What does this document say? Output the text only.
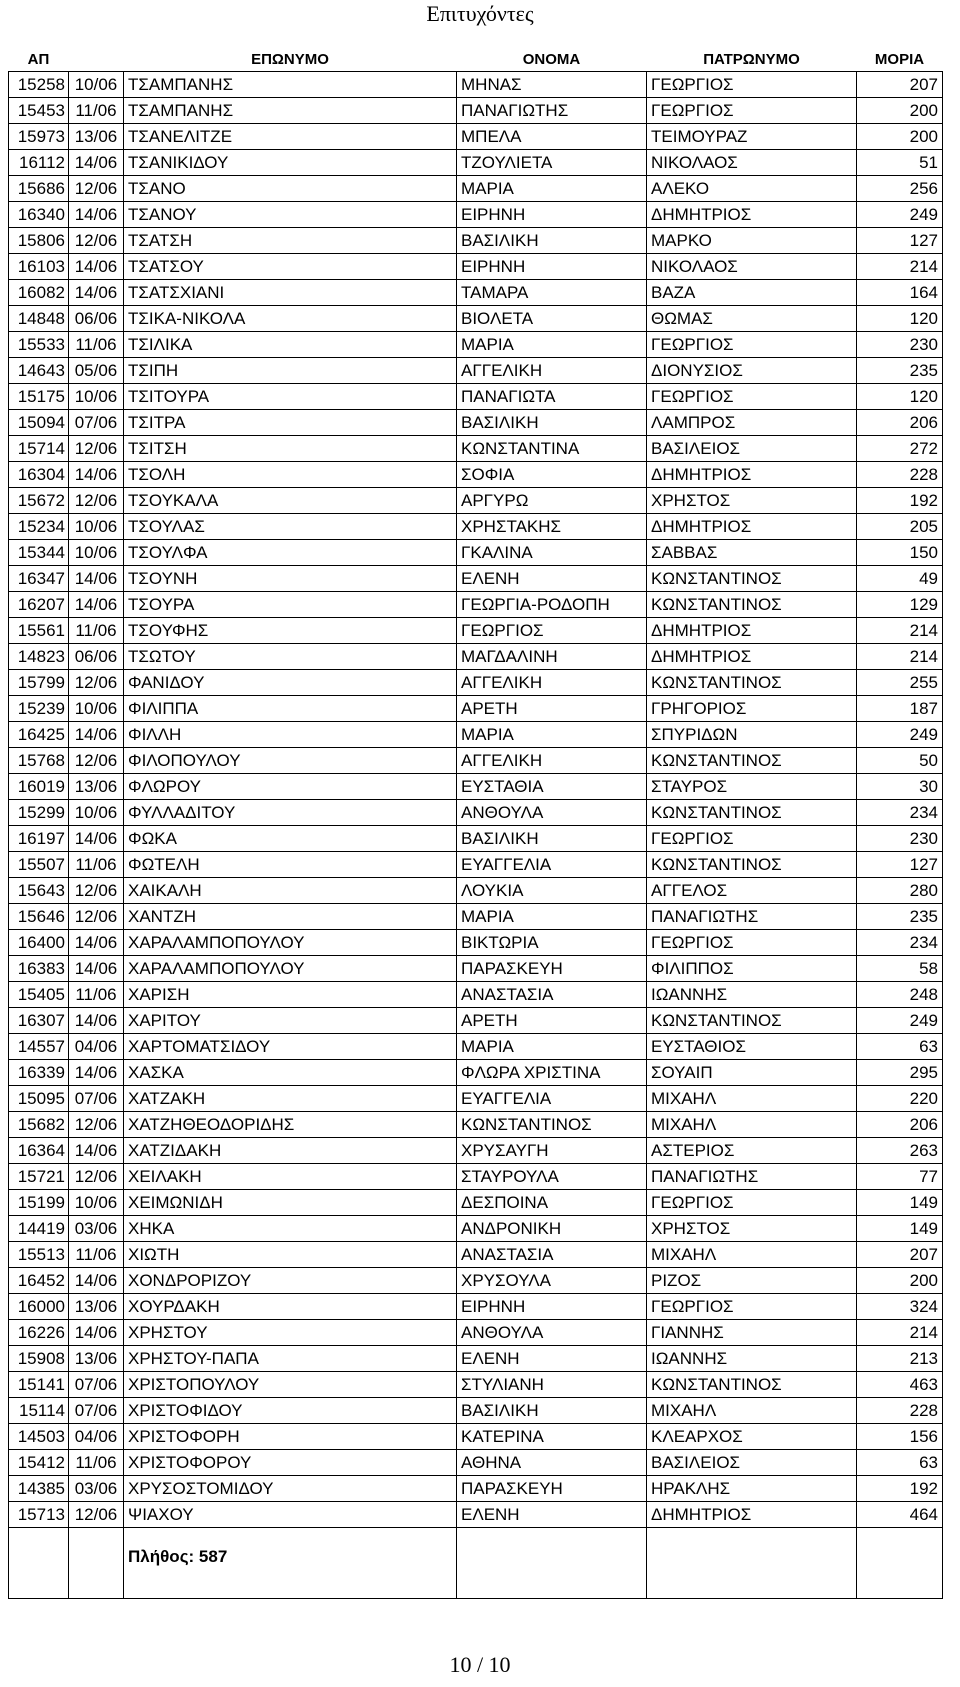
Επιτυχόντες
ΑΠ		ΕΠΩΝΥΜΟ	ΟΝΟΜΑ	ΠΑΤΡΩΝΥΜΟ	ΜΟΡΙΑ
15258	10/06	ΤΣΑΜΠΑΝΗΣ	ΜΗΝΑΣ	ΓΕΩΡΓΙΟΣ	207
15453	11/06	ΤΣΑΜΠΑΝΗΣ	ΠΑΝΑΓΙΩΤΗΣ	ΓΕΩΡΓΙΟΣ	200
15973	13/06	ΤΣΑΝΕΛΙΤΖΕ	ΜΠΕΛΑ	ΤΕΙΜΟΥΡΑΖ	200
16112	14/06	ΤΣΑΝΙΚΙΔΟΥ	ΤΖΟΥΛΙΕΤΑ	ΝΙΚΟΛΑΟΣ	51
15686	12/06	ΤΣΑΝΟ	ΜΑΡΙΑ	ΑΛΕΚΟ	256
16340	14/06	ΤΣΑΝΟΥ	ΕΙΡΗΝΗ	ΔΗΜΗΤΡΙΟΣ	249
15806	12/06	ΤΣΑΤΣΗ	ΒΑΣΙΛΙΚΗ	ΜΑΡΚΟ	127
16103	14/06	ΤΣΑΤΣΟΥ	ΕΙΡΗΝΗ	ΝΙΚΟΛΑΟΣ	214
16082	14/06	ΤΣΑΤΣΧΙΑΝΙ	ΤΑΜΑΡΑ	ΒΑΖΑ	164
14848	06/06	ΤΣΙΚΑ-ΝΙΚΟΛΑ	ΒΙΟΛΕΤΑ	ΘΩΜΑΣ	120
15533	11/06	ΤΣΙΛΙΚΑ	ΜΑΡΙΑ	ΓΕΩΡΓΙΟΣ	230
14643	05/06	ΤΣΙΠΗ	ΑΓΓΕΛΙΚΗ	ΔΙΟΝΥΣΙΟΣ	235
15175	10/06	ΤΣΙΤΟΥΡΑ	ΠΑΝΑΓΙΩΤΑ	ΓΕΩΡΓΙΟΣ	120
15094	07/06	ΤΣΙΤΡΑ	ΒΑΣΙΛΙΚΗ	ΛΑΜΠΡΟΣ	206
15714	12/06	ΤΣΙΤΣΗ	ΚΩΝΣΤΑΝΤΙΝΑ	ΒΑΣΙΛΕΙΟΣ	272
16304	14/06	ΤΣΟΛΗ	ΣΟΦΙΑ	ΔΗΜΗΤΡΙΟΣ	228
15672	12/06	ΤΣΟΥΚΑΛΑ	ΑΡΓΥΡΩ	ΧΡΗΣΤΟΣ	192
15234	10/06	ΤΣΟΥΛΑΣ	ΧΡΗΣΤΑΚΗΣ	ΔΗΜΗΤΡΙΟΣ	205
15344	10/06	ΤΣΟΥΛΦΑ	ΓΚΑΛΙΝΑ	ΣΑΒΒΑΣ	150
16347	14/06	ΤΣΟΥΝΗ	ΕΛΕΝΗ	ΚΩΝΣΤΑΝΤΙΝΟΣ	49
16207	14/06	ΤΣΟΥΡΑ	ΓΕΩΡΓΙΑ-ΡΟΔΟΠΗ	ΚΩΝΣΤΑΝΤΙΝΟΣ	129
15561	11/06	ΤΣΟΥΦΗΣ	ΓΕΩΡΓΙΟΣ	ΔΗΜΗΤΡΙΟΣ	214
14823	06/06	ΤΣΩΤΟΥ	ΜΑΓΔΑΛΙΝΗ	ΔΗΜΗΤΡΙΟΣ	214
15799	12/06	ΦΑΝΙΔΟΥ	ΑΓΓΕΛΙΚΗ	ΚΩΝΣΤΑΝΤΙΝΟΣ	255
15239	10/06	ΦΙΛΙΠΠΑ	ΑΡΕΤΗ	ΓΡΗΓΟΡΙΟΣ	187
16425	14/06	ΦΙΛΛΗ	ΜΑΡΙΑ	ΣΠΥΡΙΔΩΝ	249
15768	12/06	ΦΙΛΟΠΟΥΛΟΥ	ΑΓΓΕΛΙΚΗ	ΚΩΝΣΤΑΝΤΙΝΟΣ	50
16019	13/06	ΦΛΩΡΟΥ	ΕΥΣΤΑΘΙΑ	ΣΤΑΥΡΟΣ	30
15299	10/06	ΦΥΛΛΑΔΙΤΟΥ	ΑΝΘΟΥΛΑ	ΚΩΝΣΤΑΝΤΙΝΟΣ	234
16197	14/06	ΦΩΚΑ	ΒΑΣΙΛΙΚΗ	ΓΕΩΡΓΙΟΣ	230
15507	11/06	ΦΩΤΕΛΗ	ΕΥΑΓΓΕΛΙΑ	ΚΩΝΣΤΑΝΤΙΝΟΣ	127
15643	12/06	ΧΑΙΚΑΛΗ	ΛΟΥΚΙΑ	ΑΓΓΕΛΟΣ	280
15646	12/06	ΧΑΝΤΖΗ	ΜΑΡΙΑ	ΠΑΝΑΓΙΩΤΗΣ	235
16400	14/06	ΧΑΡΑΛΑΜΠΟΠΟΥΛΟΥ	ΒΙΚΤΩΡΙΑ	ΓΕΩΡΓΙΟΣ	234
16383	14/06	ΧΑΡΑΛΑΜΠΟΠΟΥΛΟΥ	ΠΑΡΑΣΚΕΥΗ	ΦΙΛΙΠΠΟΣ	58
15405	11/06	ΧΑΡΙΣΗ	ΑΝΑΣΤΑΣΙΑ	ΙΩΑΝΝΗΣ	248
16307	14/06	ΧΑΡΙΤΟΥ	ΑΡΕΤΗ	ΚΩΝΣΤΑΝΤΙΝΟΣ	249
14557	04/06	ΧΑΡΤΟΜΑΤΣΙΔΟΥ	ΜΑΡΙΑ	ΕΥΣΤΑΘΙΟΣ	63
16339	14/06	ΧΑΣΚΑ	ΦΛΩΡΑ ΧΡΙΣΤΙΝΑ	ΣΟΥΑΙΠ	295
15095	07/06	ΧΑΤΖΑΚΗ	ΕΥΑΓΓΕΛΙΑ	ΜΙΧΑΗΛ	220
15682	12/06	ΧΑΤΖΗΘΕΟΔΟΡΙΔΗΣ	ΚΩΝΣΤΑΝΤΙΝΟΣ	ΜΙΧΑΗΛ	206
16364	14/06	ΧΑΤΖΙΔΑΚΗ	ΧΡΥΣΑΥΓΗ	ΑΣΤΕΡΙΟΣ	263
15721	12/06	ΧΕΙΛΑΚΗ	ΣΤΑΥΡΟΥΛΑ	ΠΑΝΑΓΙΩΤΗΣ	77
15199	10/06	ΧΕΙΜΩΝΙΔΗ	ΔΕΣΠΟΙΝΑ	ΓΕΩΡΓΙΟΣ	149
14419	03/06	ΧΗΚΑ	ΑΝΔΡΟΝΙΚΗ	ΧΡΗΣΤΟΣ	149
15513	11/06	ΧΙΩΤΗ	ΑΝΑΣΤΑΣΙΑ	ΜΙΧΑΗΛ	207
16452	14/06	ΧΟΝΔΡΟΡΙΖΟΥ	ΧΡΥΣΟΥΛΑ	ΡΙΖΟΣ	200
16000	13/06	ΧΟΥΡΔΑΚΗ	ΕΙΡΗΝΗ	ΓΕΩΡΓΙΟΣ	324
16226	14/06	ΧΡΗΣΤΟΥ	ΑΝΘΟΥΛΑ	ΓΙΑΝΝΗΣ	214
15908	13/06	ΧΡΗΣΤΟΥ-ΠΑΠΑ	ΕΛΕΝΗ	ΙΩΑΝΝΗΣ	213
15141	07/06	ΧΡΙΣΤΟΠΟΥΛΟΥ	ΣΤΥΛΙΑΝΗ	ΚΩΝΣΤΑΝΤΙΝΟΣ	463
15114	07/06	ΧΡΙΣΤΟΦΙΔΟΥ	ΒΑΣΙΛΙΚΗ	ΜΙΧΑΗΛ	228
14503	04/06	ΧΡΙΣΤΟΦΟΡΗ	ΚΑΤΕΡΙΝΑ	ΚΛΕΑΡΧΟΣ	156
15412	11/06	ΧΡΙΣΤΟΦΟΡΟΥ	ΑΘΗΝΑ	ΒΑΣΙΛΕΙΟΣ	63
14385	03/06	ΧΡΥΣΟΣΤΟΜΙΔΟΥ	ΠΑΡΑΣΚΕΥΗ	ΗΡΑΚΛΗΣ	192
15713	12/06	ΨΙΑΧΟΥ	ΕΛΕΝΗ	ΔΗΜΗΤΡΙΟΣ	464

		Πλήθος: 587			

10 / 10
